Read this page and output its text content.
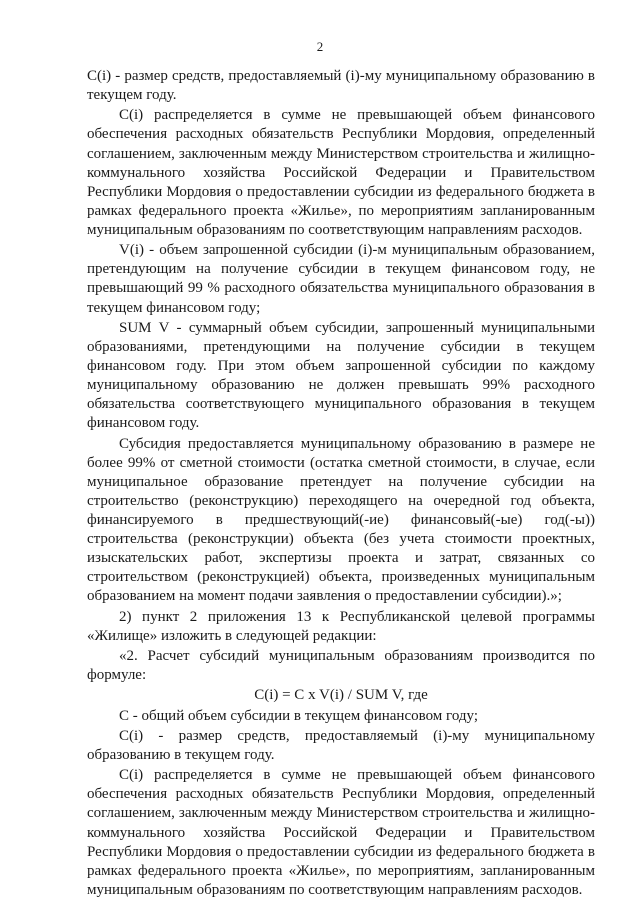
2

C(i) - размер средств, предоставляемый (i)-му муниципальному образованию в текущем году.

C(i) распределяется в сумме не превышающей объем финансового обеспечения расходных обязательств Республики Мордовия, определенный соглашением, заключенным между Министерством строительства и жилищно-коммунального хозяйства Российской Федерации и Правительством Республики Мордовия о предоставлении субсидии из федерального бюджета в рамках федерального проекта «Жилье», по мероприятиям запланированным муниципальным образованиям по соответствующим направлениям расходов.

V(i) - объем запрошенной субсидии (i)-м муниципальным образованием, претендующим на получение субсидии в текущем финансовом году, не превышающий 99 % расходного обязательства муниципального образования в текущем финансовом году;

SUM V - суммарный объем субсидии, запрошенный муниципальными образованиями, претендующими на получение субсидии в текущем финансовом году. При этом объем запрошенной субсидии по каждому муниципальному образованию не должен превышать 99% расходного обязательства соответствующего муниципального образования в текущем финансовом году.

Субсидия предоставляется муниципальному образованию в размере не более 99% от сметной стоимости (остатка сметной стоимости, в случае, если муниципальное образование претендует на получение субсидии на строительство (реконструкцию) переходящего на очередной год объекта, финансируемого в предшествующий(-ие) финансовый(-ые) год(-ы)) строительства (реконструкции) объекта (без учета стоимости проектных, изыскательских работ, экспертизы проекта и затрат, связанных со строительством (реконструкцией) объекта, произведенных муниципальным образованием на момент подачи заявления о предоставлении субсидии).»;

2) пункт 2 приложения 13 к Республиканской целевой программы «Жилище» изложить в следующей редакции:

«2. Расчет субсидий муниципальным образованиям производится по формуле:

C(i) = C x V(i) / SUM V, где

С - общий объем субсидии в текущем финансовом году;

C(i) - размер средств, предоставляемый (i)-му муниципальному образованию в текущем году.

C(i) распределяется в сумме не превышающей объем финансового обеспечения расходных обязательств Республики Мордовия, определенный соглашением, заключенным между Министерством строительства и жилищно-коммунального хозяйства Российской Федерации и Правительством Республики Мордовия о предоставлении субсидии из федерального бюджета в рамках федерального проекта «Жилье», по мероприятиям, запланированным муниципальным образованиям по соответствующим направлениям расходов.
